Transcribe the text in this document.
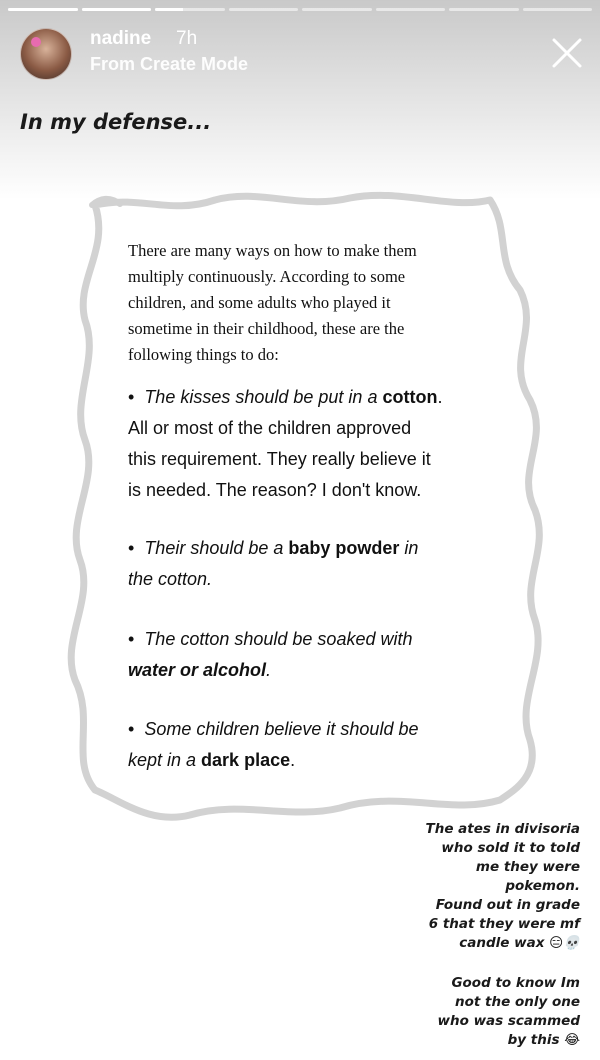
nadine 7h
From Create Mode
In my defense...
There are many ways on how to make them
multiply continuously. According to some
children, and some adults who played it
sometime in their childhood, these are the
following things to do:
• The kisses should be put in a cotton.
All or most of the children approved
this requirement. They really believe it
is needed. The reason? I don't know.
• Their should be a baby powder in
the cotton.
• The cotton should be soaked with
water or alcohol.
• Some children believe it should be
kept in a dark place.
The ates in divisoria
who sold it to told
me they were
pokemon.
Found out in grade
6 that they were mf
candle wax 😑💀
Good to know Im
not the only one
who was scammed
by this 😂
